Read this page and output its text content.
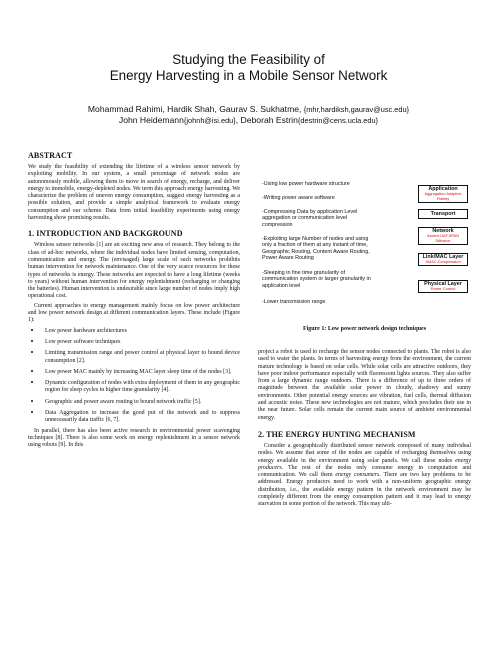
Studying the Feasibility of
Energy Harvesting in a Mobile Sensor Network
Mohammad Rahimi, Hardik Shah, Gaurav S. Sukhatme, {mhr,hardiksh,gaurav@usc.edu}
John Heidemann{johnh@isi.edu}, Deborah Estrin{destrin@cens.ucla.edu}
ABSTRACT

We study the feasibility of extending the lifetime of a wireless sensor network by exploiting mobility. In our system, a small percentage of network nodes are autonomously mobile, allowing them to move in search of energy, recharge, and deliver energy to immobile, energy-depleted nodes. We term this approach energy harvesting. We characterize the problem of uneven energy consumption, suggest energy harvesting as a possible solution, and provide a simple analytical framework to evaluate energy consumption and our scheme. Data from initial feasibility experiments using energy harvesting show promising results.

1. INTRODUCTION AND BACKGROUND

Wireless sensor networks [1] are an exciting new area of research. They belong to the class of ad-hoc networks, where the individual nodes have limited sensing, computation, communication and energy. The (envisaged) large scale of such networks prohibits human intervention for network maintenance. One of the very scarce resources for these types of networks is energy. These networks are expected to have a long lifetime (weeks to years) without human intervention for energy replenishment (recharging or changing the batteries). Human intervention is undesirable since large number of nodes imply high operational cost.

Current approaches to energy management mainly focus on low power architecture and low power network design at different communication layers. These include (Figure 1):

• Low power hardware architectures
• Low power software techniques
• Limiting transmission range and power control at physical layer to bound device consumption [2].
• Low power MAC mainly by increasing MAC layer sleep time of the nodes [3].
• Dynamic configuration of nodes with extra deployment of them in any geographic region for sleep cycles in higher time granularity [4].
• Geographic and power aware routing to bound network traffic [5].
• Data Aggregation to increase the good put of the network and to suppress unnecessarily data traffic [6, 7].

In parallel, there has also been active research in environmental power scavenging techniques [8]. There is also some work on energy replenishment in a sensor network using robots [9]. In this

-Using low power hardware structure
-Writing power aware software
-Compressing Data by application Level
aggregation or communication level
compression
-Exploiting large Number of nodes and using
only a fraction of them at any instant of time,
Geographic Routing, Content Aware Routing,
Power Aware Routing
-Sleeping in fine time granularity of
communication system or larger granularity in
application level
-Lower transmission range
Application
Aggregation Adaptive Fidelity
Transport
Network
Ascent,GAF,SPAN Diffusion
Link/MAC Layer
SMAC,Compression
Physical Layer
Power Control
Figure 1: Low power network design techniques

project a robot is used to recharge the sensor nodes connected to plants. The robot is also used to water the plants. In terms of harvesting energy from the environment, the current mature technology is based on solar cells. While solar cells are attractive outdoors, they have poor indoor performance especially with fluorescent lights sources. They also suffer from a large dynamic range outdoors. There is a difference of up to three orders of magnitude between the available solar power in cloudy, shadowy and sunny environments. Other potential energy sources are vibration, fuel cells, thermal diffusion and acoustic noise. These new technologies are not mature, which precludes their use in the near future. Solar cells remain the current main source of ambient environmental energy.

2. THE ENERGY HUNTING MECHANISM

Consider a geographically distributed sensor network composed of many individual nodes. We assume that some of the nodes are capable of recharging themselves using energy available in the environment using solar panels. We call these nodes energy producers. The rest of the nodes only consume energy in computation and communication. We call them energy consumers. There are two key problems to be addressed. Energy producers need to work with a non-uniform geographic energy distribution, i.e., the available energy pattern in the network environment may be completely different from the energy consumption pattern and it may lead to energy starvation in some portion of the network. This may ulti-
